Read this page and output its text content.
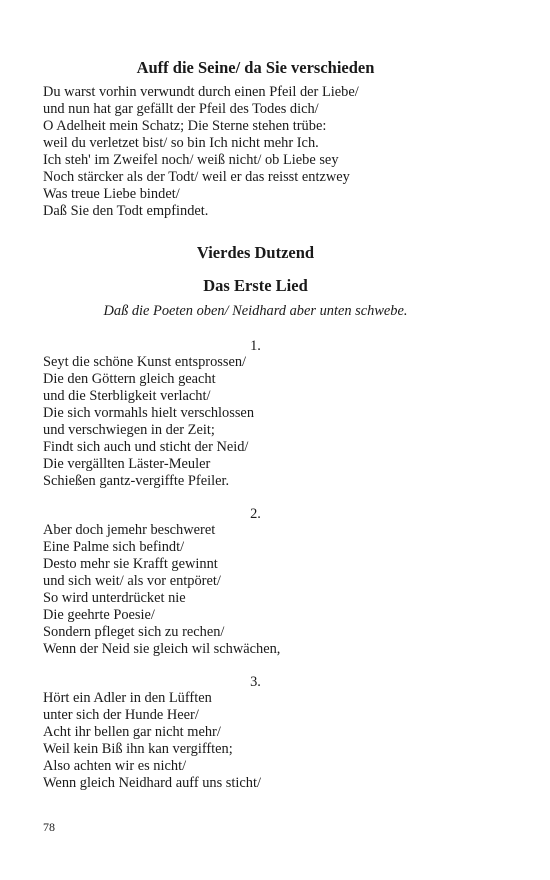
Auff die Seine/ da Sie verschieden
Du warst vorhin verwundt durch einen Pfeil der Liebe/
und nun hat gar gefällt der Pfeil des Todes dich/
O Adelheit mein Schatz; Die Sterne stehen trübe:
weil du verletzet bist/ so bin Ich nicht mehr Ich.
Ich steh' im Zweifel noch/ weiß nicht/ ob Liebe sey
Noch stärcker als der Todt/ weil er das reisst entzwey
Was treue Liebe bindet/
Daß Sie den Todt empfindet.
Vierdes Dutzend
Das Erste Lied
Daß die Poeten oben/ Neidhard aber unten schwebe.
1.
Seyt die schöne Kunst entsprossen/
Die den Göttern gleich geacht
und die Sterbligkeit verlacht/
Die sich vormahls hielt verschlossen
und verschwiegen in der Zeit;
Findt sich auch und sticht der Neid/
Die vergällten Läster-Meuler
Schießen gantz-vergiffte Pfeiler.
2.
Aber doch jemehr beschweret
Eine Palme sich befindt/
Desto mehr sie Krafft gewinnt
und sich weit/ als vor entpöret/
So wird unterdrücket nie
Die geehrte Poesie/
Sondern pfleget sich zu rechen/
Wenn der Neid sie gleich wil schwächen,
3.
Hört ein Adler in den Lüfften
unter sich der Hunde Heer/
Acht ihr bellen gar nicht mehr/
Weil kein Biß ihn kan vergifften;
Also achten wir es nicht/
Wenn gleich Neidhard auff uns sticht/
78
